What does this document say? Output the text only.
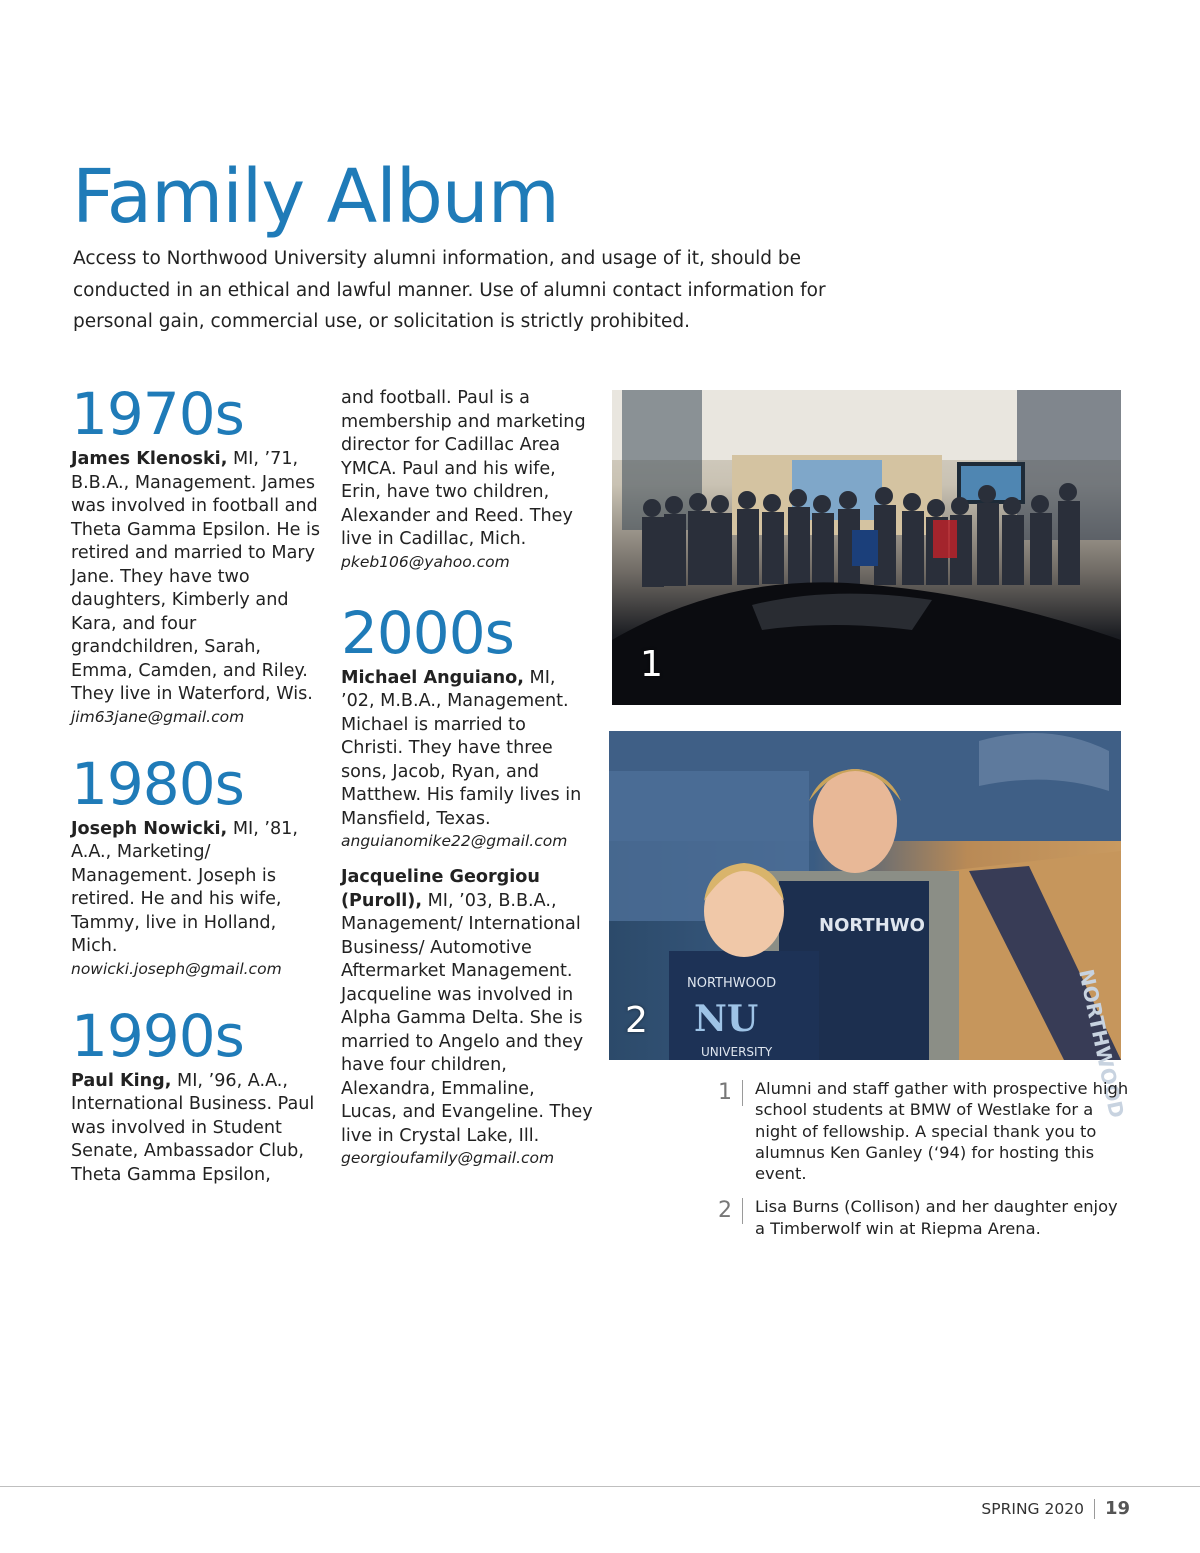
Family Album

Access to Northwood University alumni information, and usage of it, should be conducted in an ethical and lawful manner. Use of alumni contact information for personal gain, commercial use, or solicitation is strictly prohibited.

1970s

James Klenoski, MI, ’71, B.B.A., Management. James was involved in football and Theta Gamma Epsilon. He is retired and married to Mary Jane. They have two daughters, Kimberly and Kara, and four grandchildren, Sarah, Emma, Camden, and Riley. They live in Waterford, Wis.

jim63jane@gmail.com
1980s

Joseph Nowicki, MI, ’81, A.A., Marketing/ Management. Joseph is retired. He and his wife, Tammy, live in Holland, Mich.

nowicki.joseph@gmail.com
1990s

Paul King, MI, ’96, A.A., International Business. Paul was involved in Student Senate, Ambassador Club, Theta Gamma Epsilon,

and football. Paul is a membership and marketing director for Cadillac Area YMCA. Paul and his wife, Erin, have two children, Alexander and Reed. They live in Cadillac, Mich.

pkeb106@yahoo.com
2000s

Michael Anguiano, MI, ’02, M.B.A., Management. Michael is married to Christi. They have three sons, Jacob, Ryan, and Matthew. His family lives in Mansfield, Texas.

anguianomike22@gmail.com

Jacqueline Georgiou (Puroll), MI, ’03, B.B.A., Management/ International Business/ Automotive Aftermarket Management. Jacqueline was involved in Alpha Gamma Delta. She is married to Angelo and they have four children, Alexandra, Emmaline, Lucas, and Evangeline. They live in Crystal Lake, Ill.

georgioufamily@gmail.com
1
NORTHWOOD
NORTHWOOD
NU
UNIVERSITY
NORTHWO
2
1	Alumni and staff gather with prospective high school students at BMW of Westlake for a night of fellowship. A special thank you to alumnus Ken Ganley (‘94) for hosting this event.
2	Lisa Burns (Collison) and her daughter enjoy a Timberwolf win at Riepma Arena.
SPRING 2020 19
